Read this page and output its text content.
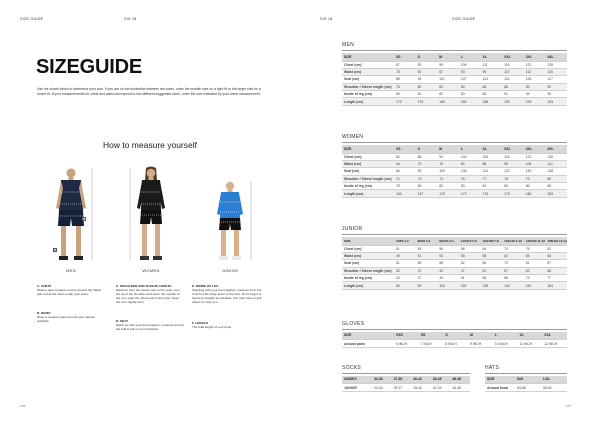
SIZE GUIDE	SIS 18
SIZEGUIDE
Use the charts below to determine your size. If you are on the borderline between two sizes, order the smaller size for a tight fit or the larger size for a looser fit. If your measurements for chest and waist correspond to two different suggested sizes, order the size indicated by your chest measurement.
How to measure yourself
F
E
MEN	WOMEN	JUNIOR
A. CHEST
Wrap a tape measure evenly around the fullest part round the chest under your arms.
B. WAIST
Wrap a measure tape around your natural waistline.
C. SHOULDER AND SLEEVE LENGTH
Measure from the lowest part of the neck, over the tip of the shoulder and down the outside of the arm, past the elbow and to the wrist. Keep the arm slightly bent.
D. SEAT
Stand up with your feet together, measure around the fullest part of your buttocks.
E. INSIDE OF LEG
Standing with your feet together, measure from the crotch of the body down to the floor. Don't forget to stand up straight as possible. You may have to ask others for help you.
F. LENGTH
The total length of your body.
176
SIS 18	SIZE GUIDE
177
MEN
SIZE	XS	S	M	L	XL	XXL	3XL	4XL
Chest (cm)	87	92	99	106	111	116	122	128
Waist (cm)	75	81	87	93	99	107	112	120
Seat (cm)	88	94	101	107	113	121	125	127
Shoulder / Sleeve length (cm)	76	80	83	84	86	88	89	90
Inside of leg (cm)	80	81	82	83	85	92	94	96
Length (cm)	172	176	180	184	188	190	193	193
WOMEN
SIZE	XS	S	M	L	XL	XXL	3XL	4XL
Chest (cm)	82	88	94	100	106	116	122	130
Waist (cm)	64	70	76	82	88	98	104	112
Seat (cm)	86	90	100	106	114	122	130	138
Shoulder / Sleeve length (cm)	71	73	74	76	77	78	79	80
Inside of leg (cm)	79	80	82	83	84	85	86	88
Length (cm)	164	167	170	173	176	176	180	183
JUNIOR
SIZE	74/80 1-2	86/92 2-3	98/104 3-4	110/116 5-6	122/128 7-8	134/140 9-10	146/152 11-12	158/164 13-14
Chest (cm)	51	54	56	58	64	70	76	82
Waist (cm)	49	51	53	55	58	62	65	68
Seat (cm)	51	55	58	62	66	73	81	87
Shoulder / Sleeve length (cm)	32	37	43	47	51	57	62	66
Inside of leg (cm)	34	37	44	51	58	66	72	77
Length (cm)	80	92	104	116	128	140	152	164
GLOVES
SIZE	XXS	XS	S	M	L	XL	XXL
Around palm	6 INCH	7 INCH	8 INCH	9 INCH	10 INCH	11 INCH	12 INCH
SOCKS
UNISEX	34-36	37-39	40-42	43-45	46-48
JUNIOR	22-24	25-27	28-30	31-33	34-36
HATS
SIZE	S/M	L/XL
Around head	54-56	58-60
